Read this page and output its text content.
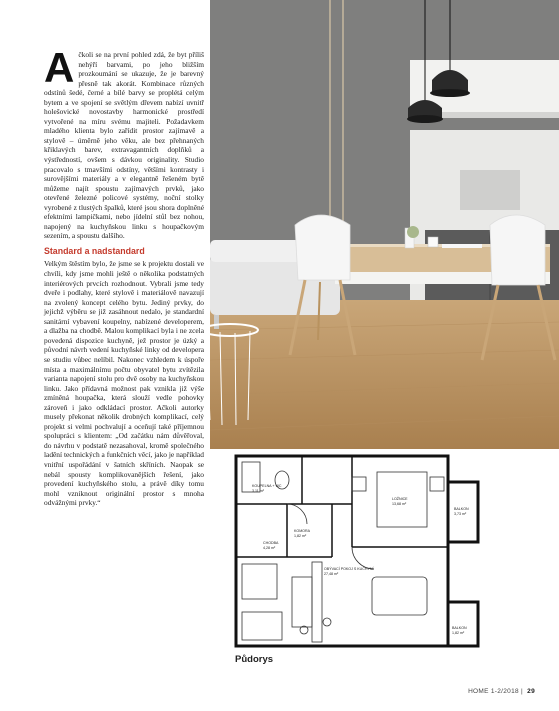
A čkoli se na první pohled zdá, že byt příliš nehýří barvami, po jeho bližším prozkoumání se ukazuje, že je barevný přesně tak akorát. Kombinace různých odstínů šedé, černé a bílé barvy se proplétá celým bytem a ve spojení se světlým dřevem nabízí uvnitř holešovické novostavby harmonické prostředí vytvořené na míru svému majiteli. Požadavkem mladého klienta bylo zařídit prostor zajímavě a stylově – úměrně jeho věku, ale bez přehnaných křiklavých barev, extravagantních doplňků a výstředností, ovšem s dávkou originality. Studio pracovalo s tmavšími odstíny, většími kontrasty i surovějšími materiály a v elegantně řešeném bytě můžeme najít spoustu zajímavých prvků, jako otevřené železné policové systémy, noční stolky vyrobené z tlustých špalků, které jsou shora doplněné efektními lampičkami, nebo jídelní stůl bez nohou, napojený na kuchyňskou linku s houpačkovým sezením, a spoustu dalšího.

Standard a nadstandard

Velkým štěstím bylo, že jsme se k projektu dostali ve chvíli, kdy jsme mohli ještě o několika podstatných interiérových prvcích rozhodnout. Vybrali jsme tedy dveře i podlahy, které stylově i materiálově navazují na zvolený koncept celého bytu. Jediný prvky, do jejichž výběru se již zasáhnout nedalo, je standardní sanitární vybavení koupelny, nabízené developerem, a dlažba na chodbě. Malou komplikací byla i ne zcela povedená dispozice kuchyně, jež prostor je úzký a původní návrh vedení kuchyňské linky od developera se studiu vůbec nelíbil. Nakonec vzhledem k úspoře místa a maximálnímu počtu obyvatel bytu zvítězila varianta napojení stolu pro dvě osoby na kuchyňskou linku. Jako přídavná možnost pak vznikla již výše zmíněná houpačka, která slouží vedle pohovky zároveň i jako odkládací prostor. Ačkoli autorky musely překonat několik drobných komplikací, celý projekt si velmi pochvalují a oceňují také příjemnou spolupráci s klientem: „Od začátku nám důvěřoval, do návrhu v podstatě nezasahoval, kromě společného ladění technických a funkčních věcí, jako je například vnitřní uspořádání v šatních skříních. Naopak se nebál spousty komplikovanějších řešení, jako provedení kuchyňského stolu, a právě díky tomu mohl vzniknout originální prostor s mnoha odvážnými prvky.“

KOUPELNA + WC
3,11 m²
LOŽNICE
13,68 m²
BALKON
3,73 m²
CHODBA
4,28 m²
KOMORA
1,82 m²
OBÝVACÍ POKOJ S KUCHYNÍ
27,48 m²
BALKON
1,82 m²
Půdorys
HOME 1-2/2018 | 29
